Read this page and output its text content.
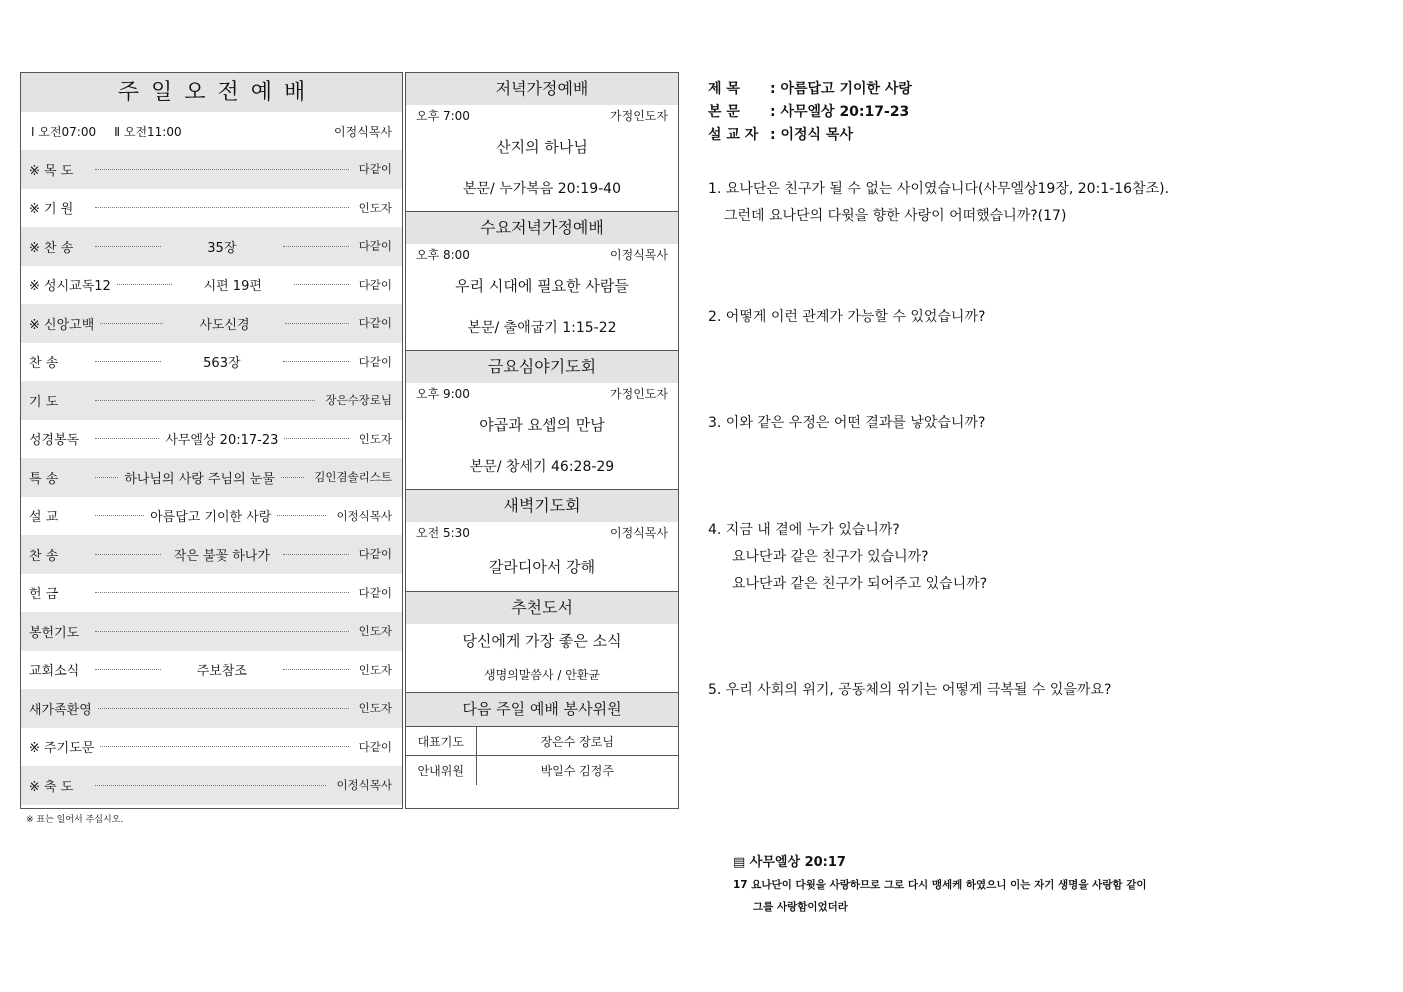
주일오전예배
Ⅰ 오전07:00 Ⅱ 오전11:00	이정식목사
※ 목 도	다같이
※ 기 원	인도자
※ 찬 송	35장	다같이
※ 성시교독12	시편 19편	다같이
※ 신앙고백	사도신경	다같이
찬 송	563장	다같이
기 도	장은수장로님
성경봉독	사무엘상 20:17-23	인도자
특 송	하나님의 사랑 주님의 눈물	김인겸솔리스트
설 교	아름답고 기이한 사랑	이정식목사
찬 송	작은 불꽃 하나가	다같이
헌 금	다같이
봉헌기도	인도자
교회소식	주보참조	인도자
새가족환영	인도자
※ 주기도문	다같이
※ 축 도	이정식목사
※ 표는 일어서 주십시오.
저녁가정예배
오후 7:00	가정인도자
산지의 하나님
본문/ 누가복음 20:19-40
수요저녁가정예배
오후 8:00	이정식목사
우리 시대에 필요한 사람들
본문/ 출애굽기 1:15-22
금요심야기도회
오후 9:00	가정인도자
야곱과 요셉의 만남
본문/ 창세기 46:28-29
새벽기도회
오전 5:30	이정식목사
갈라디아서 강해
추천도서
당신에게 가장 좋은 소식
생명의말씀사 / 안환균
다음 주일 예배 봉사위원
대표기도	장은수 장로님
안내위원	박일수 김정주
제 목	: 아름답고 기이한 사랑
본 문	: 사무엘상 20:17-23
설 교 자 : 이정식 목사
1. 요나단은 친구가 될 수 없는 사이였습니다(사무엘상19장, 20:1-16참조).
그런데 요나단의 다윗을 향한 사랑이 어떠했습니까?(17)
2. 어떻게 이런 관계가 가능할 수 있었습니까?
3. 이와 같은 우정은 어떤 결과를 낳았습니까?
4. 지금 내 곁에 누가 있습니까?
요나단과 같은 친구가 있습니까?
요나단과 같은 친구가 되어주고 있습니까?
5. 우리 사회의 위기, 공동체의 위기는 어떻게 극복될 수 있을까요?
▤ 사무엘상 20:17
17 요나단이 다윗을 사랑하므로 그로 다시 맹세케 하였으니 이는 자기 생명을 사랑함 같이
그를 사랑함이었더라
